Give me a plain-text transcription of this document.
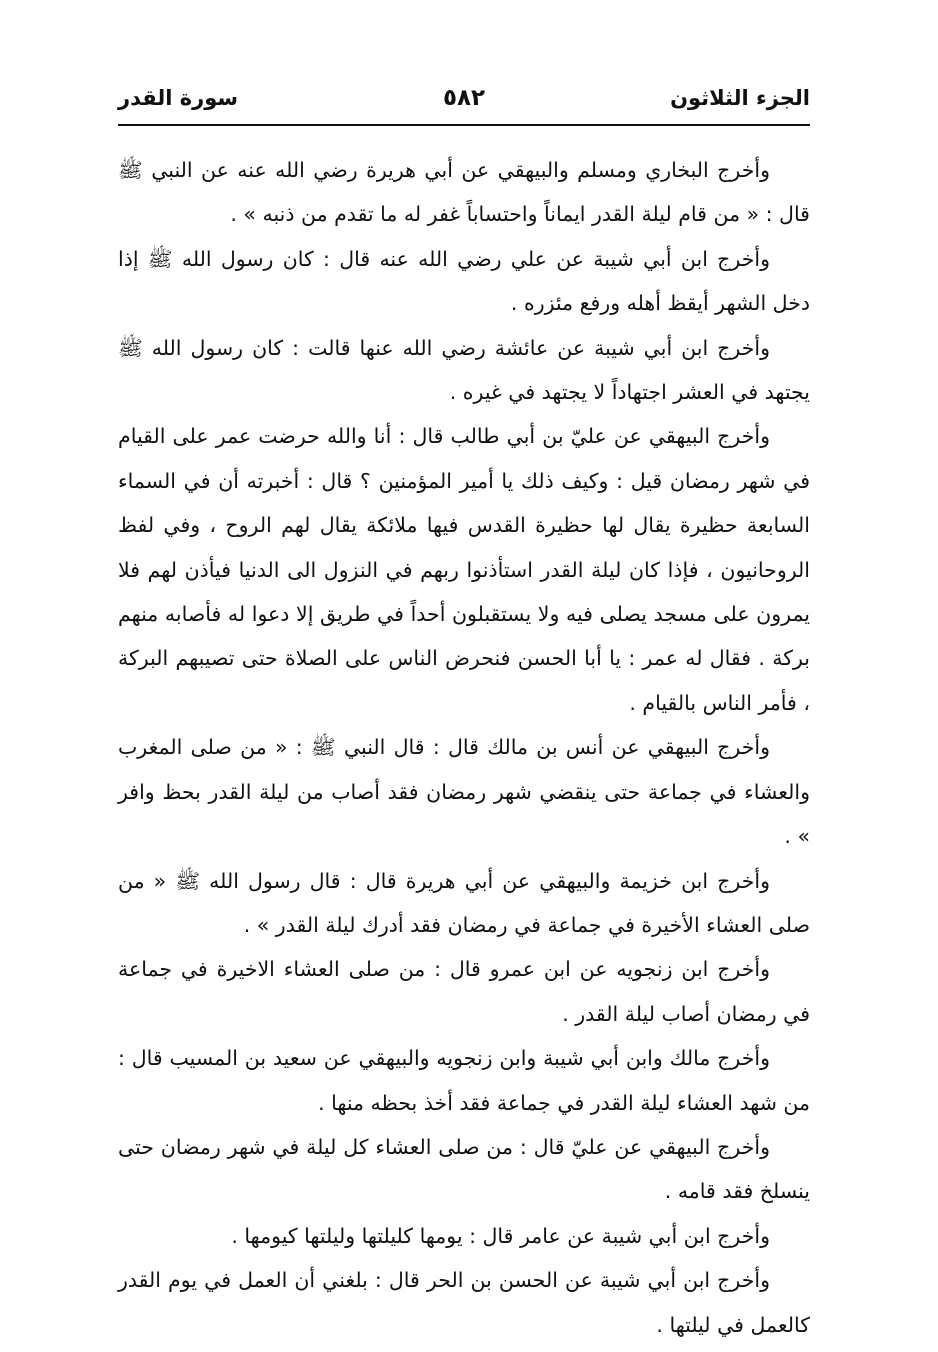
الجزء الثلاثون
٥٨٢
سورة القدر

وأخرج البخاري ومسلم والبيهقي عن أبي هريرة رضي الله عنه عن النبي ﷺ قال : « من قام ليلة القدر ايماناً واحتساباً غفر له ما تقدم من ذنبه » .

وأخرج ابن أبي شيبة عن علي رضي الله عنه قال : كان رسول الله ﷺ إذا دخل الشهر أيقظ أهله ورفع مئزره .

وأخرج ابن أبي شيبة عن عائشة رضي الله عنها قالت : كان رسول الله ﷺ يجتهد في العشر اجتهاداً لا يجتهد في غيره .

وأخرج البيهقي عن عليّ بن أبي طالب قال : أنا والله حرضت عمر على القيام في شهر رمضان قيل : وكيف ذلك يا أمير المؤمنين ؟ قال : أخبرته أن في السماء السابعة حظيرة يقال لها حظيرة القدس فيها ملائكة يقال لهم الروح ، وفي لفظ الروحانيون ، فإذا كان ليلة القدر استأذنوا ربهم في النزول الى الدنيا فيأذن لهم فلا يمرون على مسجد يصلى فيه ولا يستقبلون أحداً في طريق إلا دعوا له فأصابه منهم بركة . فقال له عمر : يا أبا الحسن فنحرض الناس على الصلاة حتى تصيبهم البركة ، فأمر الناس بالقيام .

وأخرج البيهقي عن أنس بن مالك قال : قال النبي ﷺ : « من صلى المغرب والعشاء في جماعة حتى ينقضي شهر رمضان فقد أصاب من ليلة القدر بحظ وافر » .

وأخرج ابن خزيمة والبيهقي عن أبي هريرة قال : قال رسول الله ﷺ « من صلى العشاء الأخيرة في جماعة في رمضان فقد أدرك ليلة القدر » .

وأخرج ابن زنجويه عن ابن عمرو قال : من صلى العشاء الاخيرة في جماعة في رمضان أصاب ليلة القدر .

وأخرج مالك وابن أبي شيبة وابن زنجويه والبيهقي عن سعيد بن المسيب قال : من شهد العشاء ليلة القدر في جماعة فقد أخذ بحظه منها .

وأخرج البيهقي عن عليّ قال : من صلى العشاء كل ليلة في شهر رمضان حتى ينسلخ فقد قامه .

وأخرج ابن أبي شيبة عن عامر قال : يومها كليلتها وليلتها كيومها .

وأخرج ابن أبي شيبة عن الحسن بن الحر قال : بلغني أن العمل في يوم القدر كالعمل في ليلتها .
